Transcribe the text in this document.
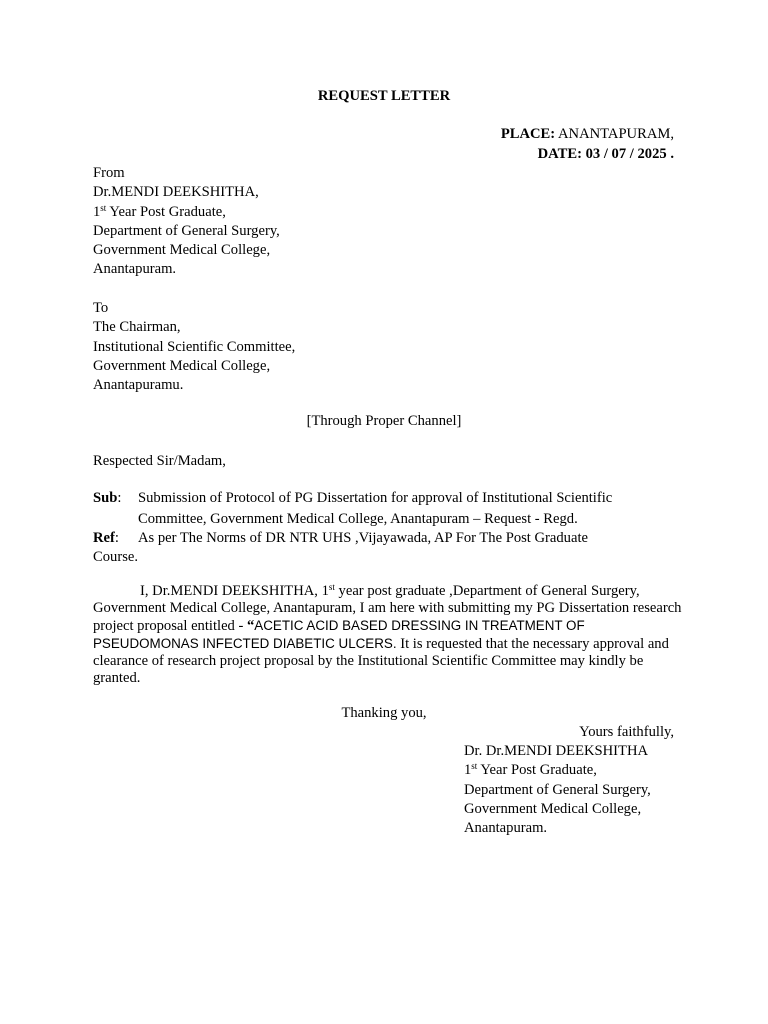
REQUEST LETTER
PLACE: ANANTAPURAM,
DATE: 03 / 07 / 2025 .
From
Dr.MENDI DEEKSHITHA,
1st Year Post Graduate,
Department of General Surgery,
Government Medical College,
Anantapuram.
To
The Chairman,
Institutional Scientific Committee,
Government Medical College,
Anantapuramu.
[Through Proper Channel]
Respected Sir/Madam,
Sub: Submission of Protocol of PG Dissertation for approval of Institutional Scientific
Committee, Government Medical College, Anantapuram – Request - Regd.
Ref: As per The Norms of DR NTR UHS ,Vijayawada, AP For The Post Graduate
Course.
I, Dr.MENDI DEEKSHITHA, 1st year post graduate ,Department of General Surgery, Government Medical College, Anantapuram, I am here with submitting my PG Dissertation research project proposal entitled - “ACETIC ACID BASED DRESSING IN TREATMENT OF PSEUDOMONAS INFECTED DIABETIC ULCERS. It is requested that the necessary approval and clearance of research project proposal by the Institutional Scientific Committee may kindly be granted.
Thanking you,
Yours faithfully,
Dr. Dr.MENDI DEEKSHITHA
1st Year Post Graduate,
Department of General Surgery,
Government Medical College,
Anantapuram.
